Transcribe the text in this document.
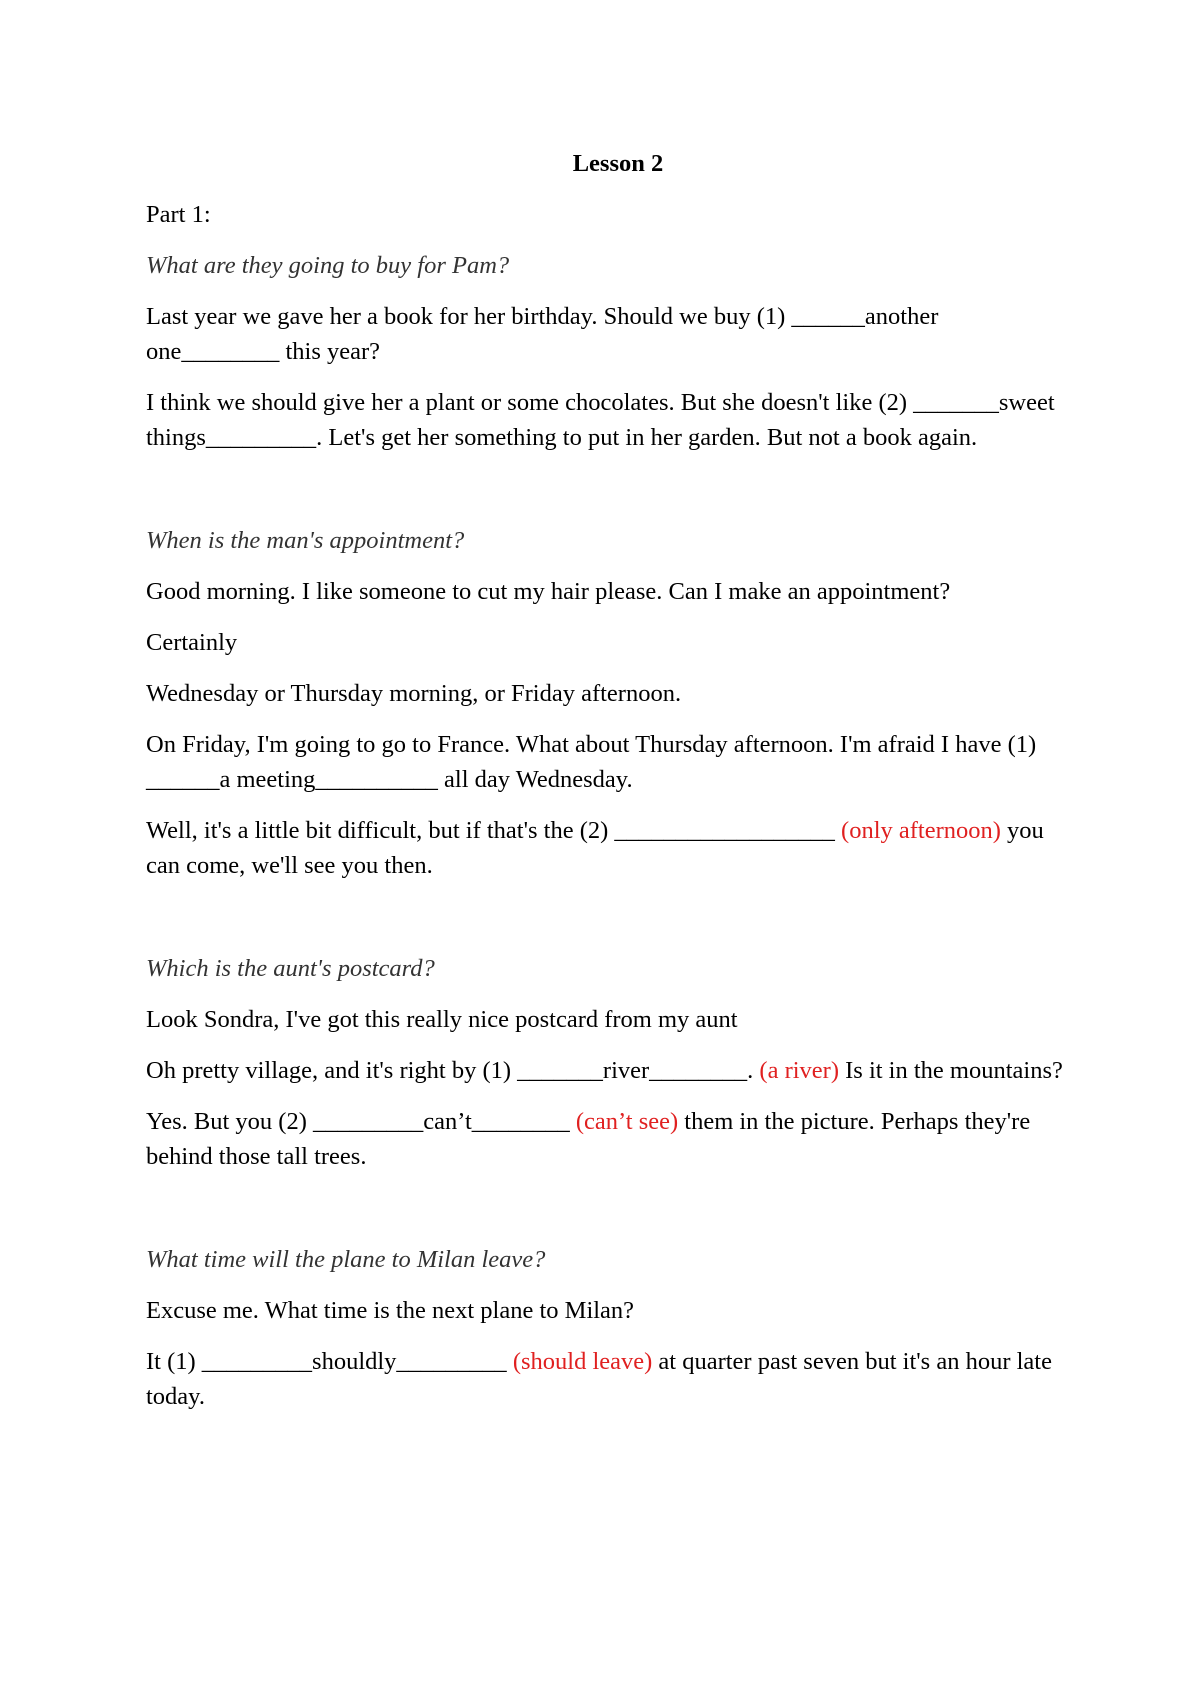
Lesson 2

Part 1:

What are they going to buy for Pam?

Last year we gave her a book for her birthday. Should we buy (1) ______another one________ this year?

I think we should give her a plant or some chocolates. But she doesn't like (2) _______sweet things_________. Let's get her something to put in her garden. But not a book again.

When is the man's appointment?

Good morning. I like someone to cut my hair please. Can I make an appointment?

Certainly

Wednesday or Thursday morning, or Friday afternoon.

On Friday, I'm going to go to France. What about Thursday afternoon. I'm afraid I have (1) ______a meeting__________ all day Wednesday.

Well, it's a little bit difficult, but if that's the (2) __________________ (only afternoon) you can come, we'll see you then.

Which is the aunt's postcard?

Look Sondra, I've got this really nice postcard from my aunt

Oh pretty village, and it's right by (1) _______river________. (a river) Is it in the mountains?

Yes. But you (2) _________can’t________ (can’t see) them in the picture. Perhaps they're behind those tall trees.

What time will the plane to Milan leave?

Excuse me. What time is the next plane to Milan?

It (1) _________shouldly_________ (should leave) at quarter past seven but it's an hour late today.
